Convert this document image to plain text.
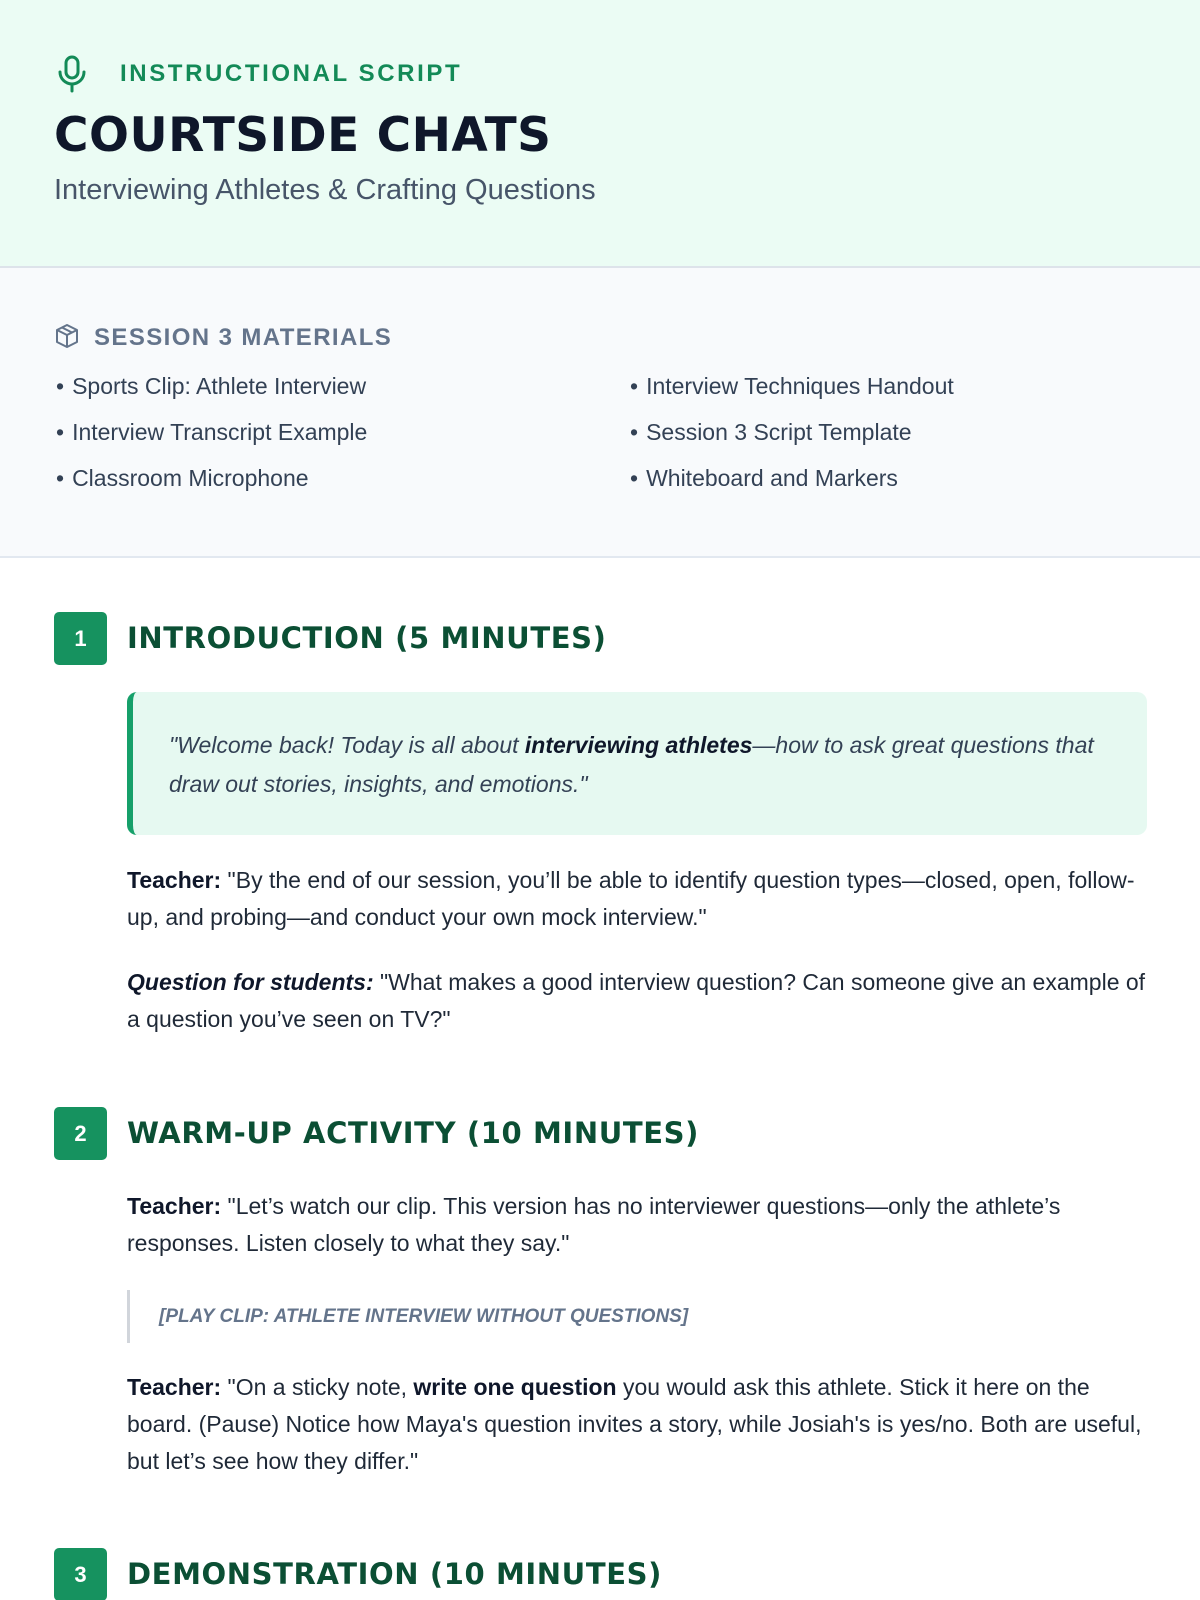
INSTRUCTIONAL SCRIPT
COURTSIDE CHATS
Interviewing Athletes & Crafting Questions
SESSION 3 MATERIALS
• Sports Clip: Athlete Interview
• Interview Transcript Example
• Classroom Microphone
• Interview Techniques Handout
• Session 3 Script Template
• Whiteboard and Markers
1	INTRODUCTION (5 MINUTES)
"Welcome back! Today is all about interviewing athletes—how to ask great questions that draw out stories, insights, and emotions."
Teacher: "By the end of our session, you’ll be able to identify question types—closed, open, follow-up, and probing—and conduct your own mock interview."
Question for students: "What makes a good interview question? Can someone give an example of a question you’ve seen on TV?"
2	WARM-UP ACTIVITY (10 MINUTES)
Teacher: "Let’s watch our clip. This version has no interviewer questions—only the athlete’s responses. Listen closely to what they say."
[PLAY CLIP: ATHLETE INTERVIEW WITHOUT QUESTIONS]
Teacher: "On a sticky note, write one question you would ask this athlete. Stick it here on the board. (Pause) Notice how Maya's question invites a story, while Josiah's is yes/no. Both are useful, but let’s see how they differ."
3	DEMONSTRATION (10 MINUTES)
